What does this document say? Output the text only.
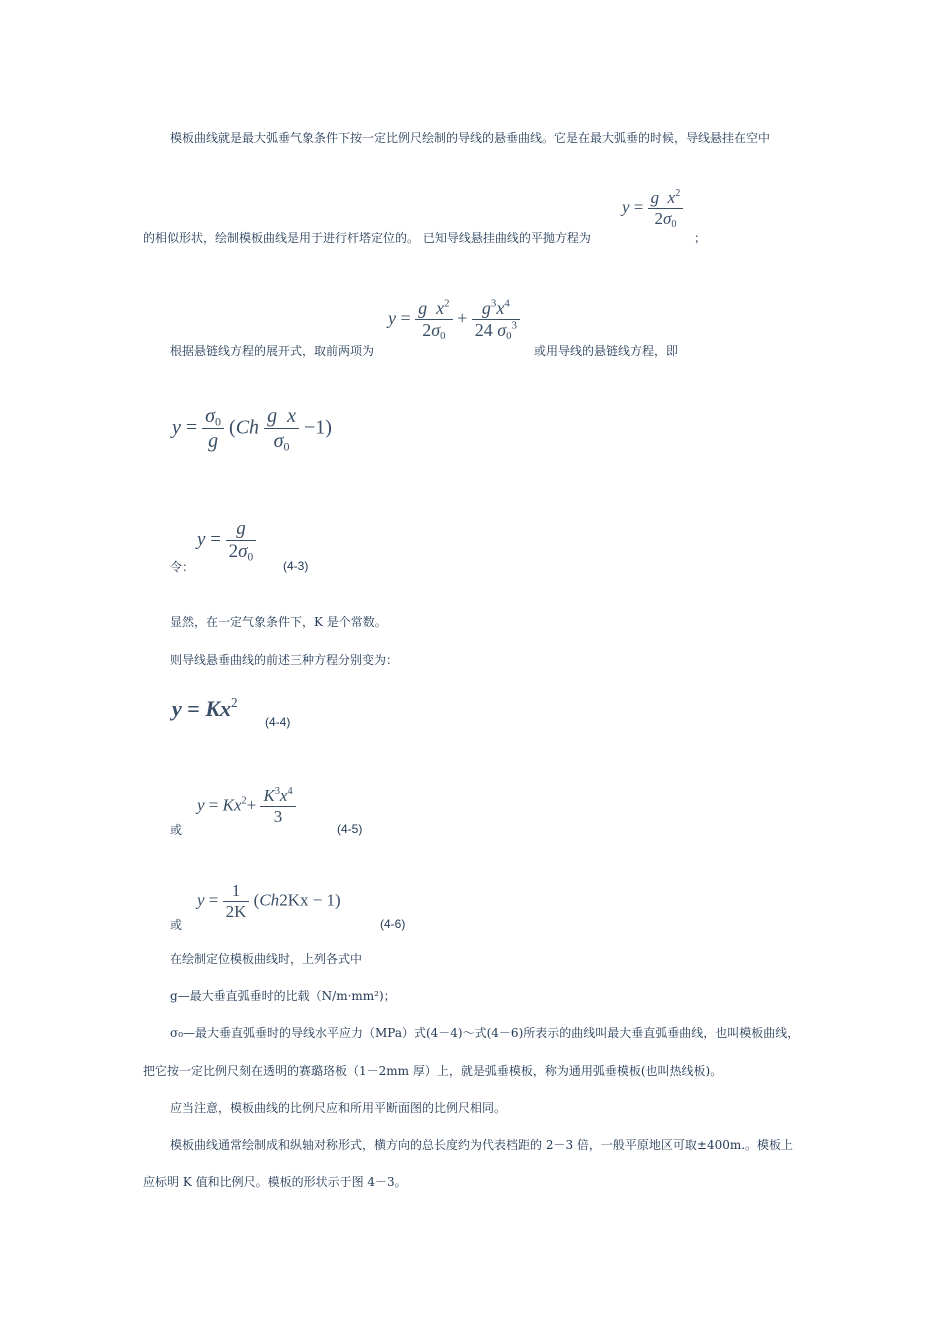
模板曲线就是最大弧垂气象条件下按一定比例尺绘制的导线的悬垂曲线。它是在最大弧垂的时候，导线悬挂在空中
$y = \frac{g x^2}{2\sigma_0}$
的相似形状，绘制模板曲线是用于进行杆塔定位的。 已知导线悬挂曲线的平抛方程为	；
$y = \frac{g x^2}{2\sigma_0} + \frac{g^3x^4}{24 \sigma_0^3}$
根据悬链线方程的展开式，取前两项为	或用导线的悬链线方程，即
$y = \frac{\sigma_0}{g} (Ch \frac{\text{g  x}}{\sigma_0} -1)$
令：
$y = \frac{g}{2\sigma_0}$
(4-3)
显然，在一定气象条件下，K 是个常数。
则导线悬垂曲线的前述三种方程分别变为：
$y = Kx^2$
(4-4)
或
$y = Kx^2+ \frac{K^3x^4}{3}$
(4-5)
或
$y = \frac{1}{2K} (Ch2Kx - 1)$
(4-6)
在绘制定位模板曲线时，上列各式中
g—最大垂直弧垂时的比载（N/m·mm²)；
σ₀—最大垂直弧垂时的导线水平应力（MPa）式(4－4)～式(4－6)所表示的曲线叫最大垂直弧垂曲线，也叫模板曲线，
把它按一定比例尺刻在透明的赛璐珞板（1－2mm 厚）上，就是弧垂模板，称为通用弧垂模板(也叫热线板)。
应当注意，模板曲线的比例尺应和所用平断面图的比例尺相同。
模板曲线通常绘制成和纵轴对称形式，横方向的总长度约为代表档距的 2－3 倍，一般平原地区可取±400m.。模板上
应标明 K 值和比例尺。模板的形状示于图 4－3。
